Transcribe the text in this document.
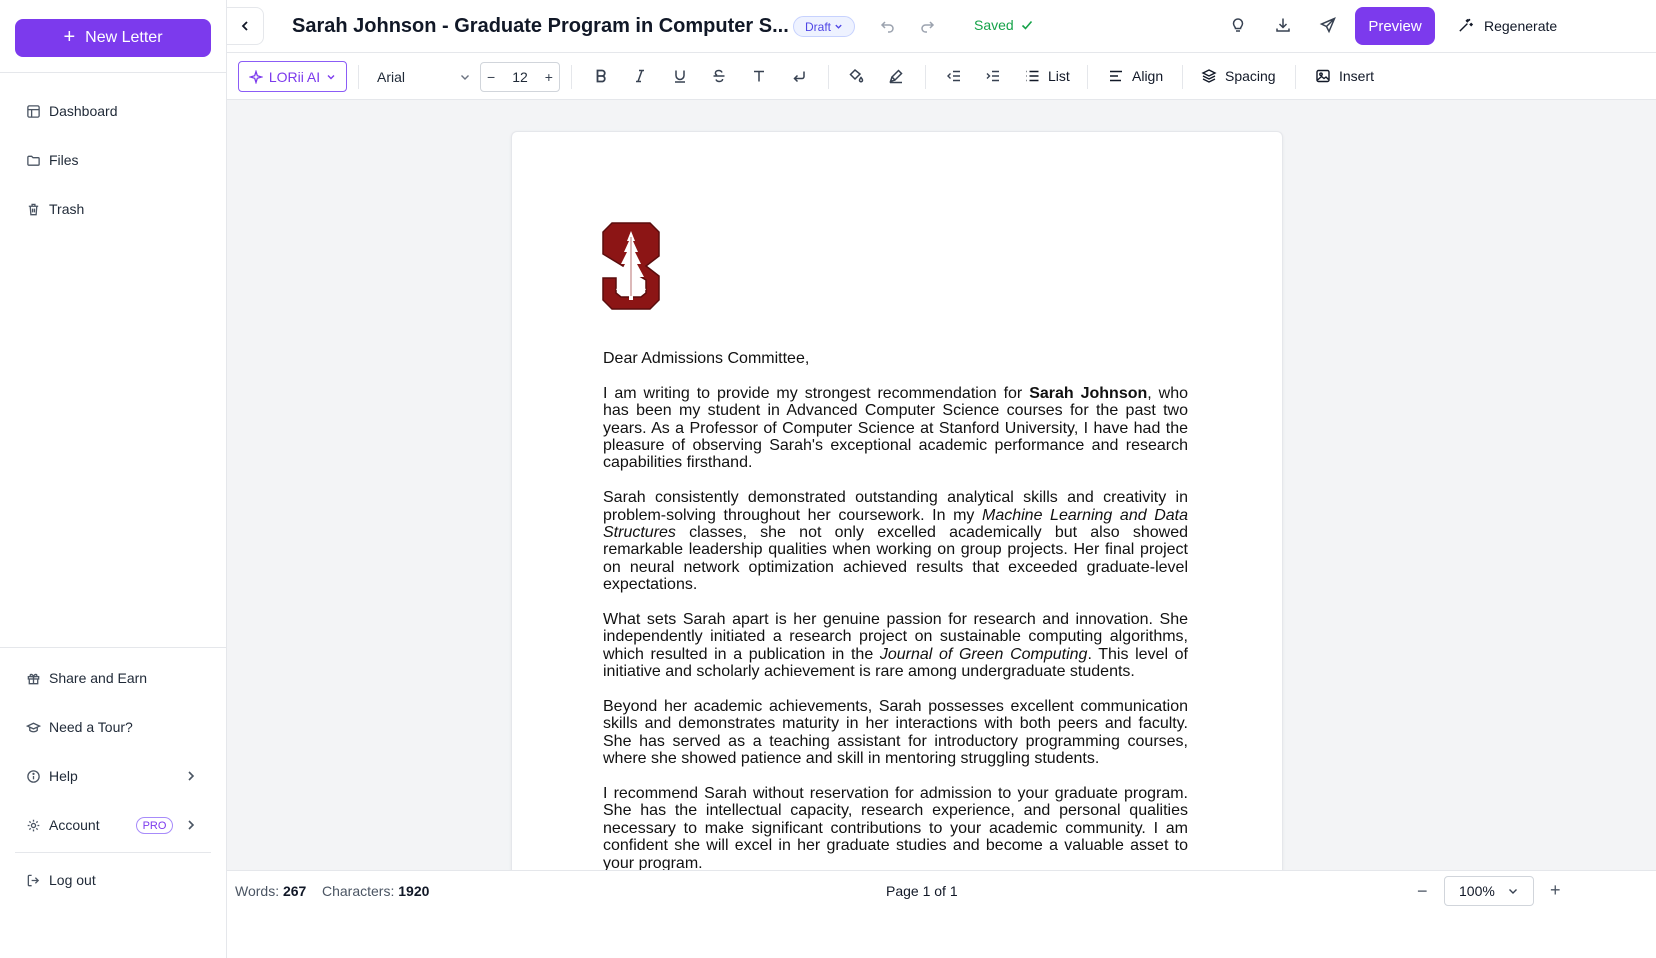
+ New Letter
Dashboard
Files
Trash
Share and Earn
Need a Tour?
Help
Account	PRO
Log out
Sarah Johnson - Graduate Program in Computer S... Draft	Saved	Preview	Regenerate
LORii AI	Arial	− 12 +	List	Align	Spacing	Insert

Dear Admissions Committee,

I am writing to provide my strongest recommendation for Sarah Johnson, who has been my student in Advanced Computer Science courses for the past two years. As a Professor of Computer Science at Stanford University, I have had the pleasure of observing Sarah's exceptional academic performance and research capabilities firsthand.

Sarah consistently demonstrated outstanding analytical skills and creativity in problem-solving throughout her coursework. In my Machine Learning and Data Structures classes, she not only excelled academically but also showed remarkable leadership qualities when working on group projects. Her final project on neural network optimization achieved results that exceeded graduate-level expectations.

What sets Sarah apart is her genuine passion for research and innovation. She independently initiated a research project on sustainable computing algorithms, which resulted in a publication in the Journal of Green Computing. This level of initiative and scholarly achievement is rare among undergraduate students.

Beyond her academic achievements, Sarah possesses excellent communication skills and demonstrates maturity in her interactions with both peers and faculty. She has served as a teaching assistant for introductory programming courses, where she showed patience and skill in mentoring struggling students.

I recommend Sarah without reservation for admission to your graduate program. She has the intellectual capacity, research experience, and personal qualities necessary to make significant contributions to your academic community. I am confident she will excel in her graduate studies and become a valuable asset to your program.

Words: 267 Characters: 1920	Page 1 of 1	− 100%	+
